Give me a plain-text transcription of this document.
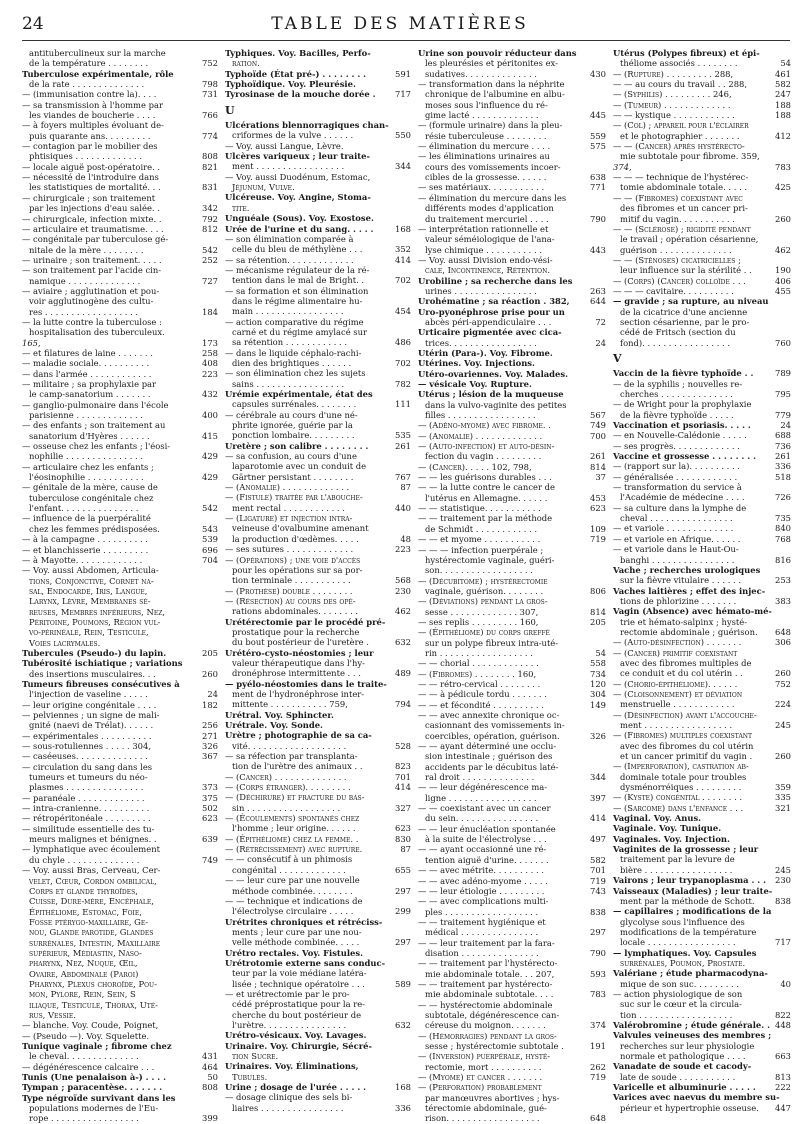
24	TABLE DES MATIÈRES
antituberculineux sur la marche
de la température . . . . . . . .	752
Tuberculose expérimentale, rôle
de la rate . . . . . . . . . . . . . .	798
— (immunisation contre la). . . .	731
— sa transmission à l'homme par
les viandes de boucherie . . . .	766
— à foyers multiples évoluant de-
puis quarante ans. . . . . . . . .	774
— contagion par le mobilier des
phtisiques . . . . . . . . . . . . .	808
— locale aiguë post-opératoire. .	821
— nécessité de l'introduire dans
les statistiques de mortalité. . .	831
— chirurgicale ; son traitement
par les injections d'eau salée. .	342
— chirurgicale, infection mixte. .	792
— articulaire et traumatisme. . . .	812
— congénitale par tuberculose gé-
nitale de la mère . . . . . . . .	542
— urinaire ; son traitement. . . . .	252
— son traitement par l'acide cin-
namique . . . . . . . . . . . . . .	727
— aviaire ; agglutination et pou-
voir agglutinogène des cultu-
res . . . . . . . . . . . . . . . . . .	184
— la lutte contre la tuberculose :
hospitalisation des tuberculeux.
165,	173
— et filatures de laine . . . . . . .	258
— maladie sociale. . . . . . . . . .	408
— dans l'armée . . . . . . . . . . . .	223
— militaire ; sa prophylaxie par
le camp-sanatorium . . . . . . .	432
— ganglio-pulmonaire dans l'école
parisienne . . . . . . . . . . . . .	400
— des enfants ; son traitement au
sanatorium d'Hyères . . . . . .	415
— osseuse chez les enfants ; l'éosi-
nophilie . . . . . . . . . . . . . . .	429
— articulaire chez les enfants ;
l'éosinophilie . . . . . . . . . . .	429
— génitale de la mère, cause de
tuberculose congénitale chez
l'enfant. . . . . . . . . . . . . . .	542
— influence de la puerpéralité
chez les femmes prédisposées.	543
— à la campagne . . . . . . . . . .	539
— et blanchisserie . . . . . . . . .	696
— à Mayotte. . . . . . . . . . . . .	704
— Voy. aussi Abdomen, Articula-
tions, Conjonctive, Cornet na-
sal, Endocarde, Iris, Langue,
Larynx, Lèvre, Membranes sé-
reuses, Membres inférieurs, Nez,
Péritoine, Poumons, Région vul-
vo-périnéale, Rein, Testicule,
Voies lacrymales.
Tubercules (Pseudo-) du lapin.	205
Tubérosité ischiatique ; variations
des insertions musculaires. . .	260
Tumeurs fibreuses consécutives à
l'injection de vaseline . . . . .	24
— leur origine congénitale . . . .	182
— pelviennes ; un signe de mali-
gnité (naevi de Trélat). . . . . .	256
— expérimentales . . . . . . . . . .	271
— sous-rotuliennes . . . . . 304,	326
— caséeuses. . . . . . . . . . . . . .	367
— circulation du sang dans les
tumeurs et tumeurs du néo-
plasmes . . . . . . . . . . . . . . .	373
— paranéale . . . . . . . . . . . . .	375
— intra-cranienne. . . . . . . . . .	502
— rétropéritonéale . . . . . . . . .	623
— similitude essentielle des tu-
meurs malignes et bénignes. .	639
— lymphatique avec écoulement
du chyle . . . . . . . . . . . . . .	749
— Voy. aussi Bras, Cerveau, Cer-
velet, Cœur, Cordon ombilical,
Corps et glande thyroïdes,
Cuisse, Dure-mère, Encéphale,
Épithéliome, Estomac, Foie,
Fosse ptérygo-maxillaire, Ge-
nou, Glande parotide, Glandes
surrénales, Intestin, Maxillaire
supérieur, Médiastin, Naso-
pharynx, Nez, Nuque, Œil,
Ovaire, Abdominale (Paroi)
Pharynx, Plexus choroïde, Pou-
mon, Pylore, Rein, Sein, S
iliaque, Testicule, Thorax, Uté-
rus, Vessie.
— blanche. Voy. Coude, Poignet,
— (Pseudo —). Voy. Squelette.
Tunique vaginale ; fibrome chez
le cheval. . . . . . . . . . . . . .	431
— dégénérescence calcaire . . .	464
Tunis (Une penalaison à-) . . . .	50
Tympan ; paracentèse. . . . . . .	808
Type négroïde survivant dans les
populations modernes de l'Eu-
rope . . . . . . . . . . . . . . . . .	399
Typhiques. Voy. Bacilles, Perfo-
ration.
Typhoïde (État pré-) . . . . . . . .	591
Typhoïdique. Voy. Pleurésie.
Tyrosinase de la mouche dorée .	717
U
Ulcérations blennorragiques chan-
criformes de la vulve . . . . . .	550
— Voy. aussi Langue, Lèvre.
Ulcères variqueux ; leur traite-
ment . . . . . . . . . . . . . . . . .	344
— Voy. aussi Duodénum, Estomac,
Jéjunum, Vulve.
Ulcéreuse. Voy. Angine, Stoma-
tite.
Unguéale (Sous). Voy. Exostose.
Urée de l'urine et du sang. . . . .	168
— son élimination comparée à
celle du bleu de méthylène . . .	352
— sa rétention. . . . . . . . . . . . .	414
— mécanisme régulateur de la ré-
tention dans le mal de Bright. .	702
— sa formation et son élimination
dans le régime alimentaire hu-
main . . . . . . . . . . . . . . . . .	454
— action comparative du régime
carné et du régime amylacé sur
sa rétention . . . . . . . . . . . .	486
— dans le liquide céphalo-rachi-
dien des brightiques . . . . . .	702
— son élimination chez les sujets
sains . . . . . . . . . . . . . . . . .	782
Urémie expérimentale, état des
capsules surrénales. . . . . . . .	111
— cérébrale au cours d'une né-
phrite ignorée, guérie par la
ponction lombaire. . . . . . . . .	535
Uretère ; son calibre . . . . . . . .	261
— sa confusion, au cours d'une
laparotomie avec un conduit de
Gärtner persistant . . . . . . . .	767
— (Anomalie) . . . . . . . . . . . . .	87
— (Fistule) traitée par l'abouche-
ment rectal . . . . . . . . . . . .	440
— (Ligature) et injection intra-
veineuse d'ovalbumine amenant
la production d'œdèmes. . . . .	48
— ses sutures . . . . . . . . . . . . .	223
— (Opérations) ; une voie d'accès
pour les opérations sur sa por-
tion terminale . . . . . . . . . . .	568
— (Prothèse) double . . . . . . . .	230
— (Résection) au cours des opé-
rations abdominales. . . . . . . .	462
Urétérectomie par le procédé pré-
prostatique pour la recherche
du bout postérieur de l'uretère .	632
Urétéro-cysto-néostomies ; leur
valeur thérapeutique dans l'hy-
dronéphrose intermittente . . .	489
— pyélo-néostomies dans le traite-
ment de l'hydronéphrose inter-
mittente . . . . . . . . . . . 759,	794
Urétral. Voy. Sphincter.
Urétrale. Voy. Sonde.
Urètre ; photographie de sa ca-
vité. . . . . . . . . . . . . . . . . . .	528
— sa réfection par transplanta-
tion de l'urètre des animaux . .	823
— (Cancer) . . . . . . . . . . . . . .	701
— (Corps étranger). . . . . . . . .	414
— (Déchirure) et fracture du bas-
sin . . . . . . . . . . . . . . . . . .	327
— (Écoulements) spontanés chez
l'homme ; leur origine. . . . . .	623
— (Épithéliome) chez la femme. .	830
— (Rétrécissement) avec rupture.	87
— — consécutif à un phimosis
congénital . . . . . . . . . . . . .	655
— — leur cure par une nouvelle
méthode combinée. . . . . . . .	297
— — technique et indications de
l'électrolyse circulaire . . . . .	299
Urétrites chroniques et rétréciss-
ments ; leur cure par une nou-
velle méthode combinée. . . . .	297
Urétro rectales. Voy. Fistules.
Urétrotomie externe sans conduc-
teur par la voie médiane latéra-
lisée ; technique opératoire . . .	589
— et urétrectomie par le pro-
cédé préprostatique pour la re-
cherche du bout postérieur de
l'urètre. . . . . . . . . . . . . . . .	632
Urétro-vésicaux. Voy. Lavages.
Urinaire. Voy. Chirurgie, Sécré-
tion Sucre.
Urinaires. Voy. Éliminations,
Tubules.
Urine ; dosage de l'urée . . . . .	168
— dosage clinique des sels bi-
liaires . . . . . . . . . . . . . . . .	336
Urine son pouvoir réducteur dans
les pleurésies et péritonites ex-
sudatives. . . . . . . . . . . . . .	430
— transformation dans la néphrite
chronique de l'albumine en albu-
moses sous l'influence du ré-
gime lacté . . . . . . . . . . . . .	445
— (formule urinaire) dans la pleu-
résie tuberculeuse . . . . . . . .	559
— élimination du mercure . . . .	575
— les éliminations urinaires au
cours des vomissements incoer-
cibles de la grossesse. . . . . .	638
— ses matériaux. . . . . . . . . . .	771
— élimination du mercure dans les
différents modes d'application
du traitement mercuriel . . . .	790
— interprétation rationnelle et
valeur séméiologique de l'ana-
lyse chimique . . . . . . . . . . .	443
— Voy. aussi Division endo-vési-
cale, Incontinence, Rétention.
Urobiline ; sa recherche dans les
urines . . . . . . . . . . . . . . . .	263
Urohématine ; sa réaction . 382,	644
Uro-pyonéphrose prise pour un
abcès péri-appendiculaire . . .	72
Urticaire pigmentée avec cica-
trices. . . . . . . . . . . . . . . . .	24
Utérin (Para-). Voy. Fibrome.
Utérines. Voy. Injections.
Utéro-ovariennes. Voy. Malades.
— vésicale Voy. Rupture.
Utérus ; lésion de la muqueuse
dans la vulvo-vaginite des petites
filles . . . . . . . . . . . . . . . . .	567
— (Adéno-myome) avec fibrome. .	749
— (Anomalie) . . . . . . . . . . . . .	700
— (Auto-infection) et auto-désin-
fection du vagin . . . . . . . . .	261
— (Cancer). . . . . 102, 798,	814
— — les guérisons durables . . .	37
— — la lutte contre le cancer de
l'utérus en Allemagne. . . . . .	453
— — statistique. . . . . . . . . . .	623
— — traitement par la méthode
de Schmidt . . . . . . . . . . . .	109
— — et myome . . . . . . . . . . .	719
— — — infection puerpérale ;
hystérectomie vaginale, guéri-
son. . . . . . . . . . . . . . . . . .
— (Décubitome) ; hystérectomie
vaginale, guérison. . . . . . . .	806
— (Déviations) pendant la gros-
sesse . . . . . . . . . . . . . 307,	814
— ses replis . . . . . . . . . 160,	205
— (Épithéliome) du corps greffé
sur un polype fibreux intra-uté-
rin . . . . . . . . . . . . . . . . . .	54
— — chorial . . . . . . . . . . . . .	558
— (Fibromes) . . . . . . . . 160,	734
— — rétro-cervical . . . . . . . .	120
— — à pédicule tordu . . . . . . .	304
— — et fécondité . . . . . . . . . .	149
— — avec annexite chronique oc-
casionnant des vomissements in-
coercibles, opération, guérison.	326
— — ayant déterminé une occlu-
sion intestinale ; guérison des
accidents par le décubitus laté-
ral droit . . . . . . . . . . . . . .	344
— — leur dégénérescence ma-
ligne . . . . . . . . . . . . . . . . .	397
— — coexistant avec un cancer
du sein. . . . . . . . . . . . . . . .	414
— — leur énucléation spontanée
à la suite de l'électrolyse . . .	497
— — ayant occasionné une ré-
tention aiguë d'urine. . . . . . .	582
— — avec métrite. . . . . . . . . .	701
— — avec adéno-myome . . . . .	719
— — leur étiologie . . . . . . . . .	743
— — avec complications multi-
ples . . . . . . . . . . . . . . . . . .	838
— — traitement hygiénique et
médical . . . . . . . . . . . . . . .	297
— — leur traitement par la fara-
disation . . . . . . . . . . . . . . .	790
— — traitement par l'hystérecto-
mie abdominale totale. . . 207,	593
— — traitement par hystérecto-
mie abdominale subtotale. . . .	783
— — hystérectomie abdominale
subtotale, dégénérescence can-
céreuse du moignon. . . . . . .	374
— (Hémorragies) pendant la gros-
sesse ; hystérectomie subtotale .	191
— (Inversion) puerpérale, hysté-
rectomie, mort . . . . . . . . . .	262
— (Myome) et cancer . . . . . . .	719
— (Perforation) probablement
par manœuvres abortives ; hys-
térectomie abdominale, gué-
rison. . . . . . . . . . . . . . . . . .	648
Utérus (Polypes fibreux) et épi-
théliome associés . . . . . . . .	54
— (Rupture) . . . . . . . . . 288,	461
— — au cours du travail . . 288,	582
— (Syphilis) . . . . . . . . . 246,	247
— (Tumeur) . . . . . . . . . . . . .	188
— — kystique . . . . . . . . . . . .	188
— (Col) ; appareil pour l'éclairer
et le photographier . . . . . . .	412
— — (Cancer) après hystérecto-
mie subtotale pour fibrome. 359,
374,	783
— — — technique de l'hystérec-
tomie abdominale totale. . . . .	425
— — (Fibromes) coexistant avec
des fibromes et un cancer pri-
mitif du vagin. . . . . . . . . . .	260
— — (Sclérose) ; rigidité pendant
le travail ; opération césarienne,
guérison . . . . . . . . . . . . . .	462
— — (Sténoses) cicatricielles ;
leur influence sur la stérilité . .	190
— (Corps) (Cancer) colloïde . . .	406
— — — cavitaire. . . . . . . . . .	455
— gravide ; sa rupture, au niveau
de la cicatrice d'une ancienne
section césarienne, par le pro-
cédé de Fritsch (section du
fond). . . . . . . . . . . . . . . . .	760
V
Vaccin de la fièvre typhoïde . .	789
— de la syphilis ; nouvelles re-
cherches . . . . . . . . . . . . . .	795
— de Wright pour la prophylaxie
de la fièvre typhoïde . . . . .	779
Vaccination et psoriasis. . . . .	24
— en Nouvelle-Calédonie . . . . .	688
— ses progrès. . . . . . . . . . . . .	736
Vaccine et grossesse . . . . . . . .	261
— (rapport sur la). . . . . . . . . .	336
— généralisée . . . . . . . . . . . .	518
— transformation du service à
l'Académie de médecine . . . .	726
— sa culture dans la lymphe de
cheval . . . . . . . . . . . . . . . .	735
— et variole . . . . . . . . . . . . .	840
— et variole en Afrique. . . . . .	768
— et variole dans le Haut-Ou-
banghi . . . . . . . . . . . . . . . .	816
Vache ; recherches urologiques
sur la fièvre vitulaire . . . . . .	253
Vaches laitières ; effet des injec-
tions de phlorizine . . . . . . .	383
Vagin (Absence) avec hémato-mé-
trie et hémato-salpinx ; hysté-
rectomie abdominale ; guérison.	648
— (Auto-désinfection) . . . . . . .	306
— (Cancer) primitif coexistant
avec des fibromes multiples de
ce conduit et du col utérin . .	260
— (Chorio-épithéliome). . . . . .	752
— (Cloisonnement) et déviation
menstruelle . . . . . . . . . . . .	224
— (Désinfection) avant l'accouche-
ment . . . . . . . . . . . . . . . . .	245
— (Fibromes) multiples coexistant
avec des fibromes du col utérin
et un cancer primitif du vagin .	260
— (Imperforation), castration ab-
dominale totale pour troubles
dysménorréiques . . . . . . . . .	359
— (Kyste) congénital . . . . . . . .	335
— (Sarcome) dans l'enfance . . .	321
Vaginal. Voy. Anus.
Vaginale. Voy. Tunique.
Vaginales. Voy. Injection.
Vaginites de la grossesse ; leur
traitement par la levure de
bière . . . . . . . . . . . . . . . . .	245
Vairons ; leur trypanoplasma . . .	230
Vaisseaux (Maladies) ; leur traite-
ment par la méthode de Schott.	838
— capillaires ; modifications de la
glycolyse sous l'influence des
modifications de la température
locale . . . . . . . . . . . . . . . . .	717
— lymphatiques. Voy. Capsules
surrénales, Poumon, Prostate.
Valériane ; étude pharmacodyna-
mique de son suc. . . . . . . . .	40
— action physiologique de son
suc sur le cœur et la circula-
tion . . . . . . . . . . . . . . . . . .	822
Valérobromine ; étude générale. . 448
Valvules veineuses des membres ;
recherches sur leur physiologie
normale et pathologique . . . .	663
Vanadate de soude et cacody-
late de soude . . . . . . . . . . .	813
Varicelle et albuminurie . . . . .	222
Varices avec naevus du membre su-
périeur et hypertrophie osseuse.	447
